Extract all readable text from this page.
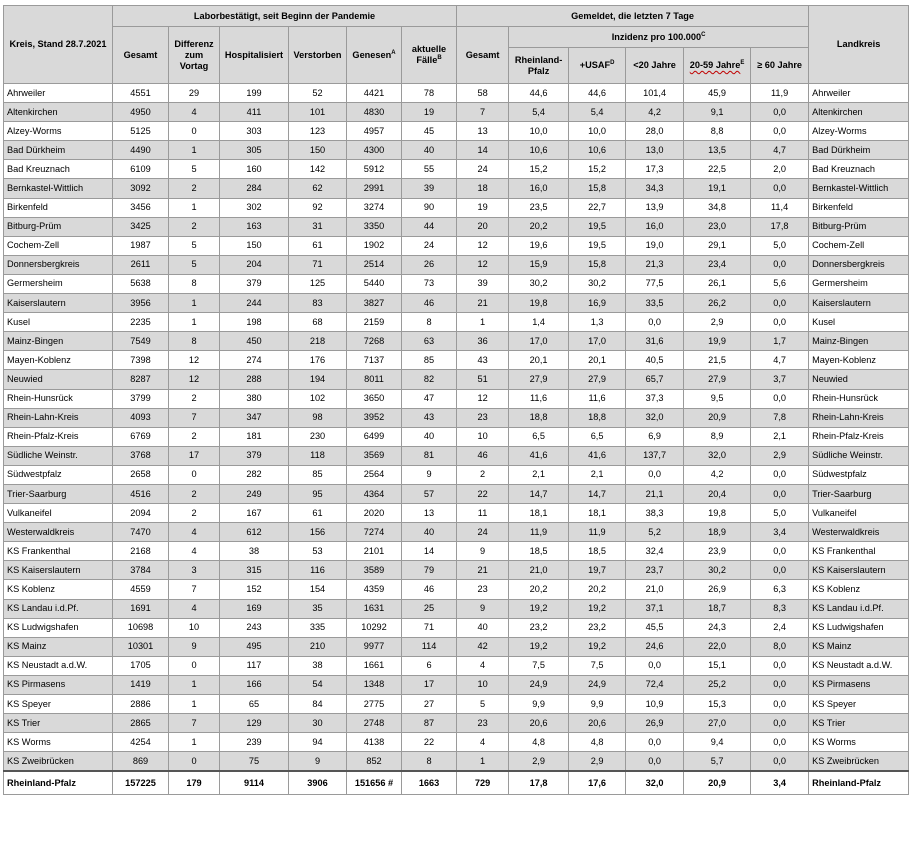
Kreis, Stand 28.7.2021	Laborbestätigt, seit Beginn der Pandemie						Gemeldet, die letzten 7 Tage						Landkreis
	Gesamt	Differenz zum Vortag	Hospitalisiert	Verstorben	Genesen$^A$	aktuelle Fälle$^B$	Gesamt	Inzidenz pro $100.000^C$
								Rheinland-Pfalz	$+USAF^D$	<20 Jahre	20-59 Jahre$^E$	≥ 60 Jahre	
Ahrweiler	4551	29	199	52	4421	78	58	44,6	44,6	101,4	45,9	11,9	Ahrweiler
Altenkirchen	4950	4	411	101	4830	19	7	5,4	5,4	4,2	9,1	0,0	Altenkirchen
Alzey-Worms	5125	0	303	123	4957	45	13	10,0	10,0	28,0	8,8	0,0	Alzey-Worms
Bad Dürkheim	4490	1	305	150	4300	40	14	10,6	10,6	13,0	13,5	4,7	Bad Dürkheim
Bad Kreuznach	6109	5	160	142	5912	55	24	15,2	15,2	17,3	22,5	2,0	Bad Kreuznach
Bernkastel-Wittlich	3092	2	284	62	2991	39	18	16,0	15,8	34,3	19,1	0,0	Bernkastel-Wittlich
Birkenfeld	3456	1	302	92	3274	90	19	23,5	22,7	13,9	34,8	11,4	Birkenfeld
Bitburg-Prüm	3425	2	163	31	3350	44	20	20,2	19,5	16,0	23,0	17,8	Bitburg-Prüm
Cochem-Zell	1987	5	150	61	1902	24	12	19,6	19,5	19,0	29,1	5,0	Cochem-Zell
Donnersbergkreis	2611	5	204	71	2514	26	12	15,9	15,8	21,3	23,4	0,0	Donnersbergkreis
Germersheim	5638	8	379	125	5440	73	39	30,2	30,2	77,5	26,1	5,6	Germersheim
Kaiserslautern	3956	1	244	83	3827	46	21	19,8	16,9	33,5	26,2	0,0	Kaiserslautern
Kusel	2235	1	198	68	2159	8	1	1,4	1,3	0,0	2,9	0,0	Kusel
Mainz-Bingen	7549	8	450	218	7268	63	36	17,0	17,0	31,6	19,9	1,7	Mainz-Bingen
Mayen-Koblenz	7398	12	274	176	7137	85	43	20,1	20,1	40,5	21,5	4,7	Mayen-Koblenz
Neuwied	8287	12	288	194	8011	82	51	27,9	27,9	65,7	27,9	3,7	Neuwied
Rhein-Hunsrück	3799	2	380	102	3650	47	12	11,6	11,6	37,3	9,5	0,0	Rhein-Hunsrück
Rhein-Lahn-Kreis	4093	7	347	98	3952	43	23	18,8	18,8	32,0	20,9	7,8	Rhein-Lahn-Kreis
Rhein-Pfalz-Kreis	6769	2	181	230	6499	40	10	6,5	6,5	6,9	8,9	2,1	Rhein-Pfalz-Kreis
Südliche Weinstr.	3768	17	379	118	3569	81	46	41,6	41,6	137,7	32,0	2,9	Südliche Weinstr.
Südwestpfalz	2658	0	282	85	2564	9	2	2,1	2,1	0,0	4,2	0,0	Südwestpfalz
Trier-Saarburg	4516	2	249	95	4364	57	22	14,7	14,7	21,1	20,4	0,0	Trier-Saarburg
Vulkaneifel	2094	2	167	61	2020	13	11	18,1	18,1	38,3	19,8	5,0	Vulkaneifel
Westerwaldkreis	7470	4	612	156	7274	40	24	11,9	11,9	5,2	18,9	3,4	Westerwaldkreis
KS Frankenthal	2168	4	38	53	2101	14	9	18,5	18,5	32,4	23,9	0,0	KS Frankenthal
KS Kaiserslautern	3784	3	315	116	3589	79	21	21,0	19,7	23,7	30,2	0,0	KS Kaiserslautern
KS Koblenz	4559	7	152	154	4359	46	23	20,2	20,2	21,0	26,9	6,3	KS Koblenz
KS Landau i.d.Pf.	1691	4	169	35	1631	25	9	19,2	19,2	37,1	18,7	8,3	KS Landau i.d.Pf.
KS Ludwigshafen	10698	10	243	335	10292	71	40	23,2	23,2	45,5	24,3	2,4	KS Ludwigshafen
KS Mainz	10301	9	495	210	9977	114	42	19,2	19,2	24,6	22,0	8,0	KS Mainz
KS Neustadt a.d.W.	1705	0	117	38	1661	6	4	7,5	7,5	0,0	15,1	0,0	KS Neustadt a.d.W.
KS Pirmasens	1419	1	166	54	1348	17	10	24,9	24,9	72,4	25,2	0,0	KS Pirmasens
KS Speyer	2886	1	65	84	2775	27	5	9,9	9,9	10,9	15,3	0,0	KS Speyer
KS Trier	2865	7	129	30	2748	87	23	20,6	20,6	26,9	27,0	0,0	KS Trier
KS Worms	4254	1	239	94	4138	22	4	4,8	4,8	0,0	9,4	0,0	KS Worms
KS Zweibrücken	869	0	75	9	852	8	1	2,9	2,9	0,0	5,7	0,0	KS Zweibrücken
Rheinland-Pfalz	157225	179	9114	3906	151656 #	1663	729	17,8	17,6	32,0	20,9	3,4	Rheinland-Pfalz
